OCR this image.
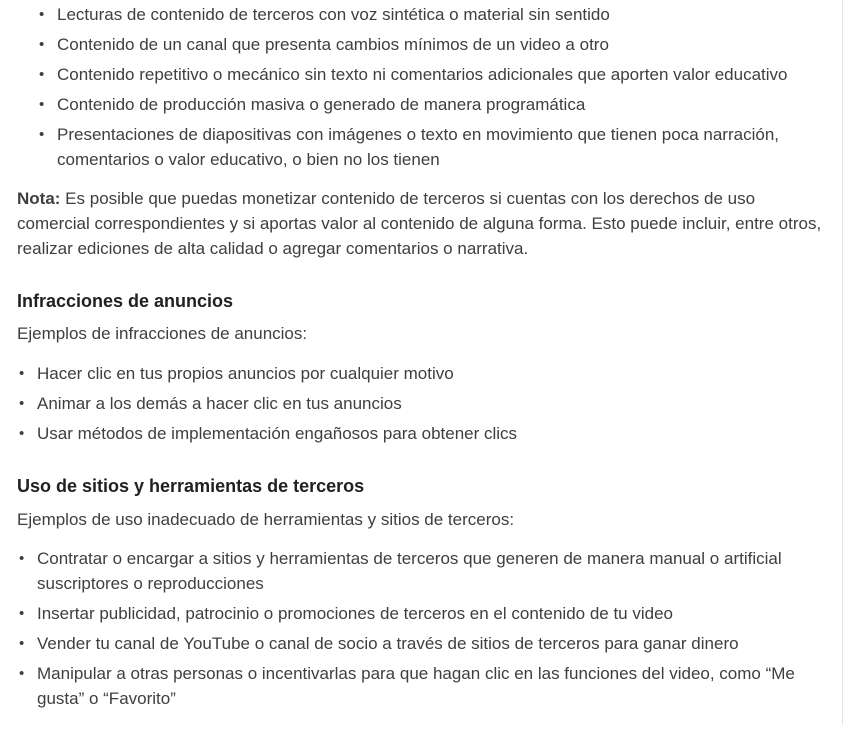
• Lecturas de contenido de terceros con voz sintética o material sin sentido
• Contenido de un canal que presenta cambios mínimos de un video a otro
• Contenido repetitivo o mecánico sin texto ni comentarios adicionales que aporten valor educativo
• Contenido de producción masiva o generado de manera programática
• Presentaciones de diapositivas con imágenes o texto en movimiento que tienen poca narración, comentarios o valor educativo, o bien no los tienen

Nota: Es posible que puedas monetizar contenido de terceros si cuentas con los derechos de uso comercial correspondientes y si aportas valor al contenido de alguna forma. Esto puede incluir, entre otros, realizar ediciones de alta calidad o agregar comentarios o narrativa.

Infracciones de anuncios
Ejemplos de infracciones de anuncios:
• Hacer clic en tus propios anuncios por cualquier motivo
• Animar a los demás a hacer clic en tus anuncios
• Usar métodos de implementación engañosos para obtener clics
Uso de sitios y herramientas de terceros
Ejemplos de uso inadecuado de herramientas y sitios de terceros:
• Contratar o encargar a sitios y herramientas de terceros que generen de manera manual o artificial suscriptores o reproducciones
• Insertar publicidad, patrocinio o promociones de terceros en el contenido de tu video
• Vender tu canal de YouTube o canal de socio a través de sitios de terceros para ganar dinero
• Manipular a otras personas o incentivarlas para que hagan clic en las funciones del video, como “Me gusta” o “Favorito”
